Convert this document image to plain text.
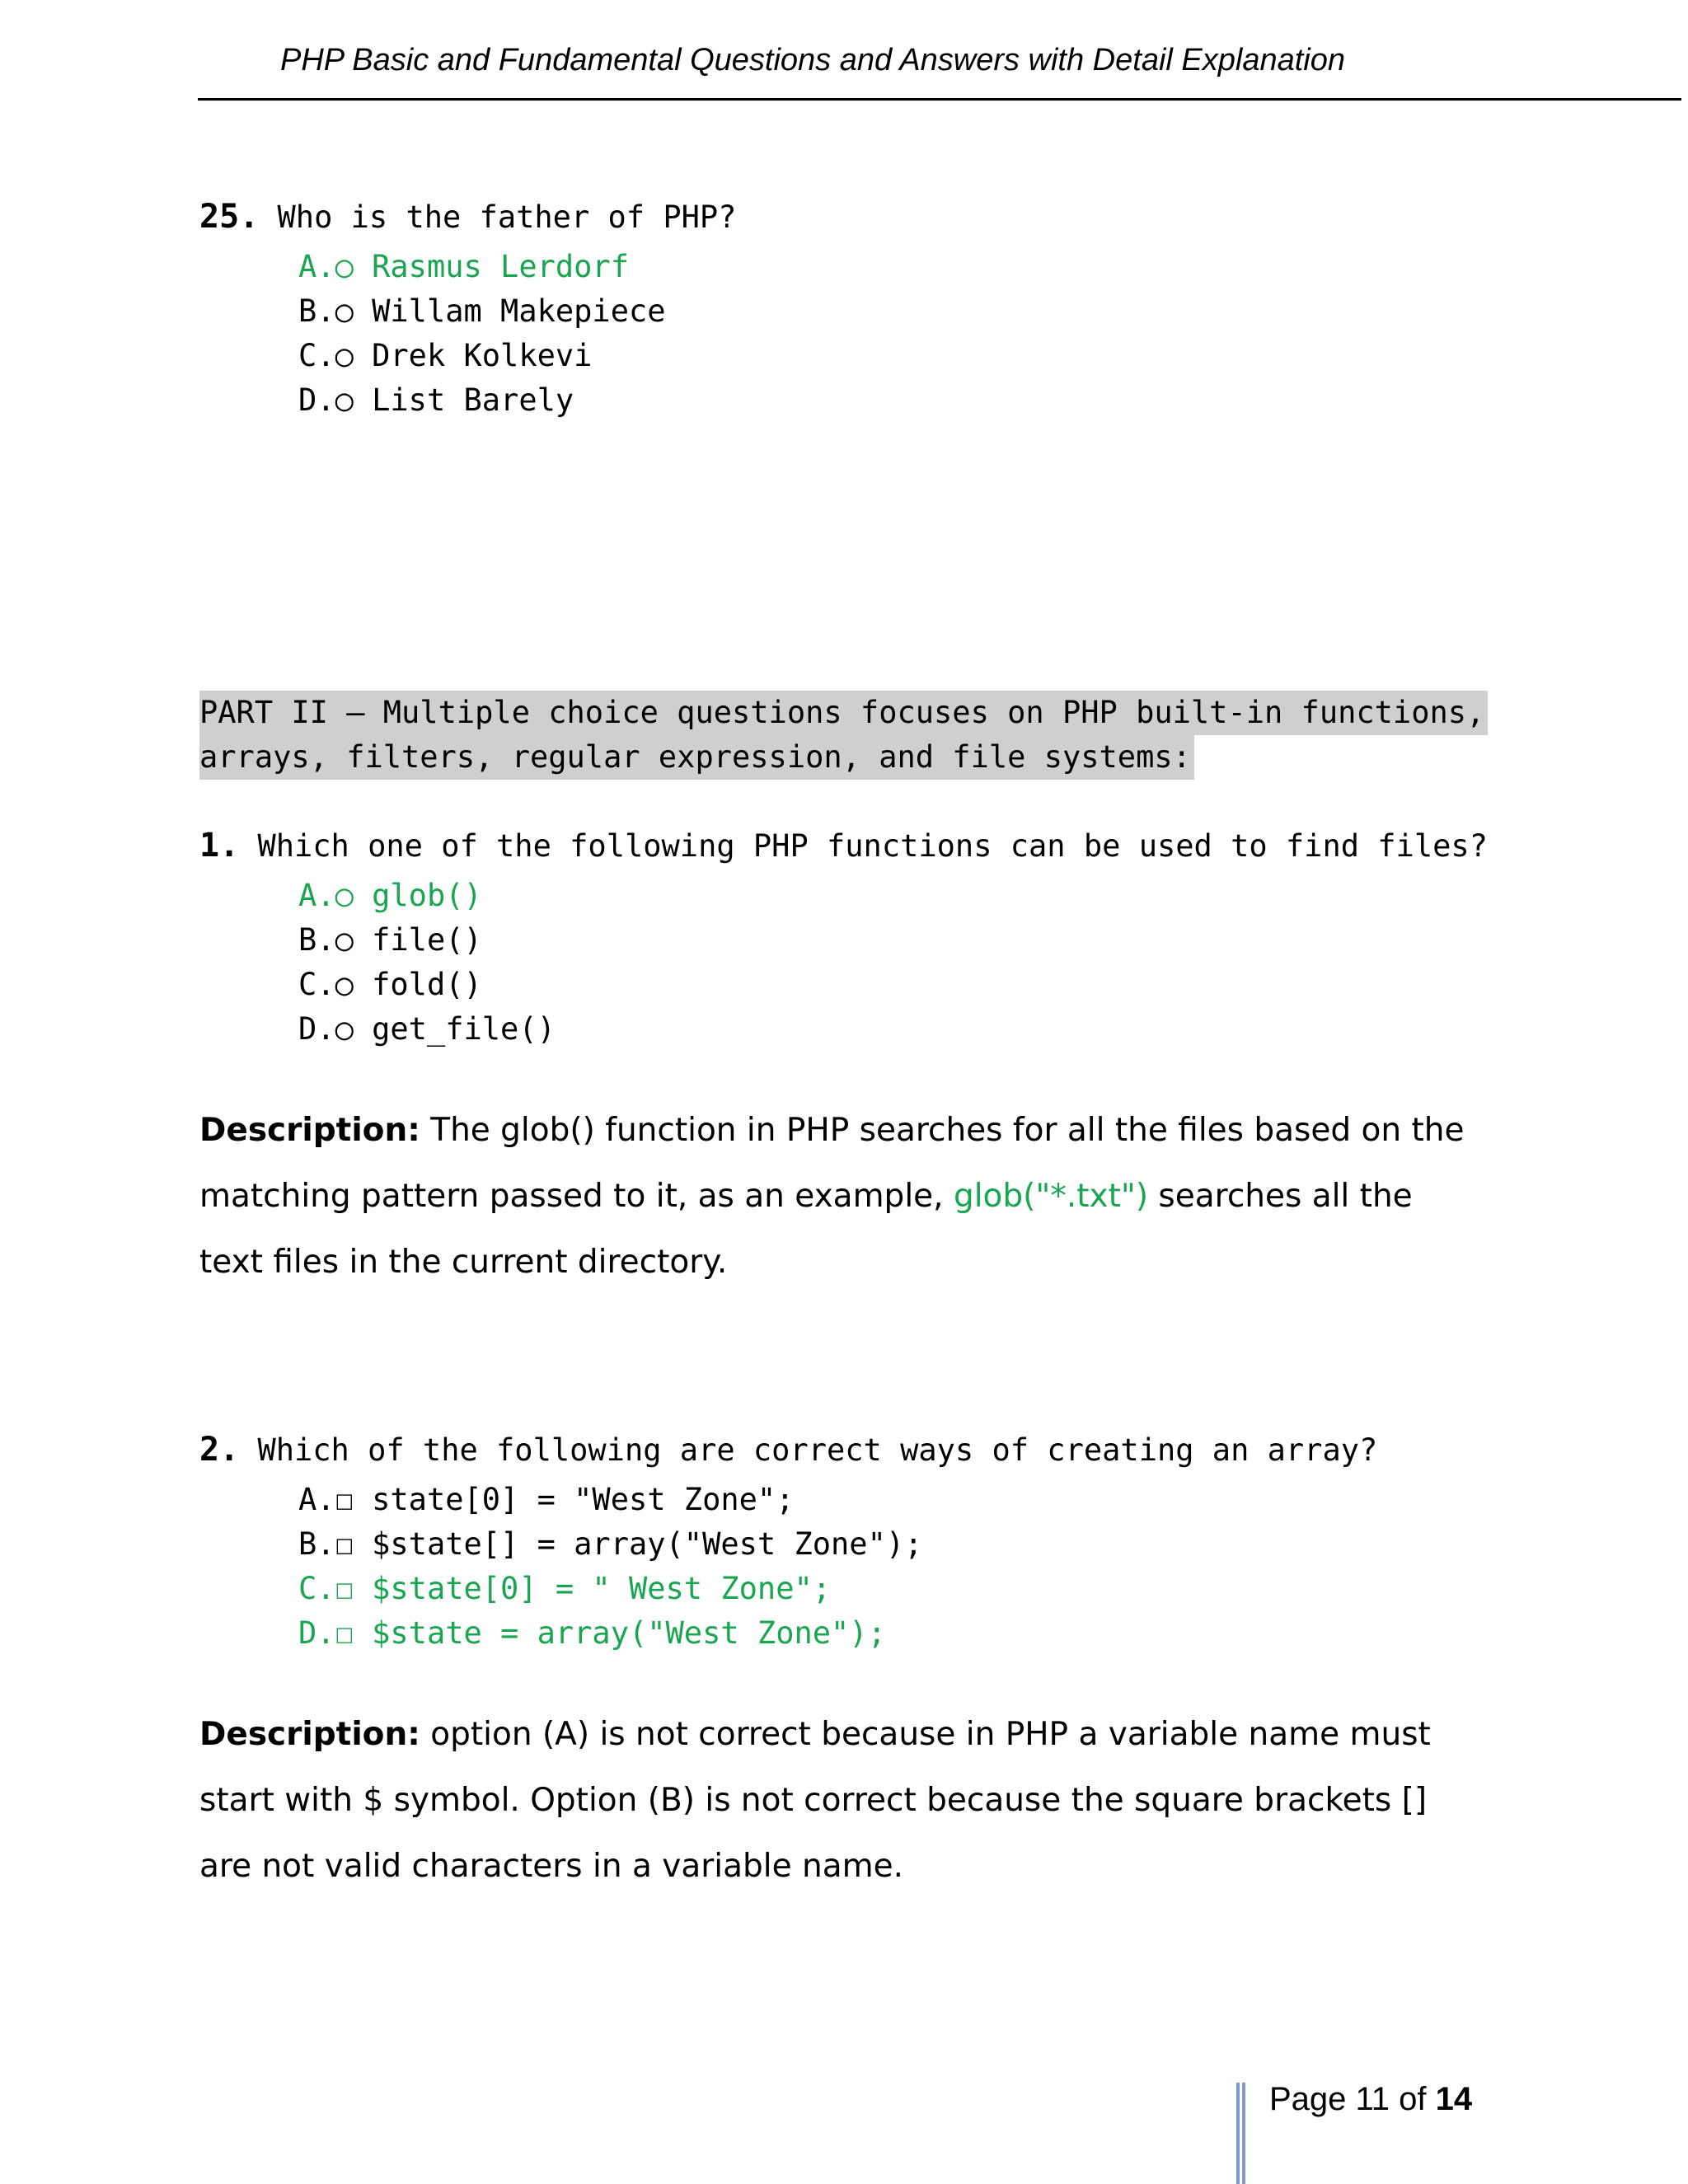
PHP Basic and Fundamental Questions and Answers with Detail Explanation
25. Who is the father of PHP?
A.○ Rasmus Lerdorf
B.○ Willam Makepiece
C.○ Drek Kolkevi
D.○ List Barely
PART II – Multiple choice questions focuses on PHP built-in functions,
arrays, filters, regular expression, and file systems:
1. Which one of the following PHP functions can be used to find files?
A.○ glob()
B.○ file()
C.○ fold()
D.○ get_file()
Description: The glob() function in PHP searches for all the files based on the matching pattern passed to it, as an example, glob("*.txt") searches all the text files in the current directory.
2. Which of the following are correct ways of creating an array?
A.☐ state[0] = "West Zone";
B.☐ $state[] = array("West Zone");
C.☐ $state[0] = " West Zone";
D.☐ $state = array("West Zone");
Description: option (A) is not correct because in PHP a variable name must start with $ symbol. Option (B) is not correct because the square brackets [] are not valid characters in a variable name.
Page 11 of 14
